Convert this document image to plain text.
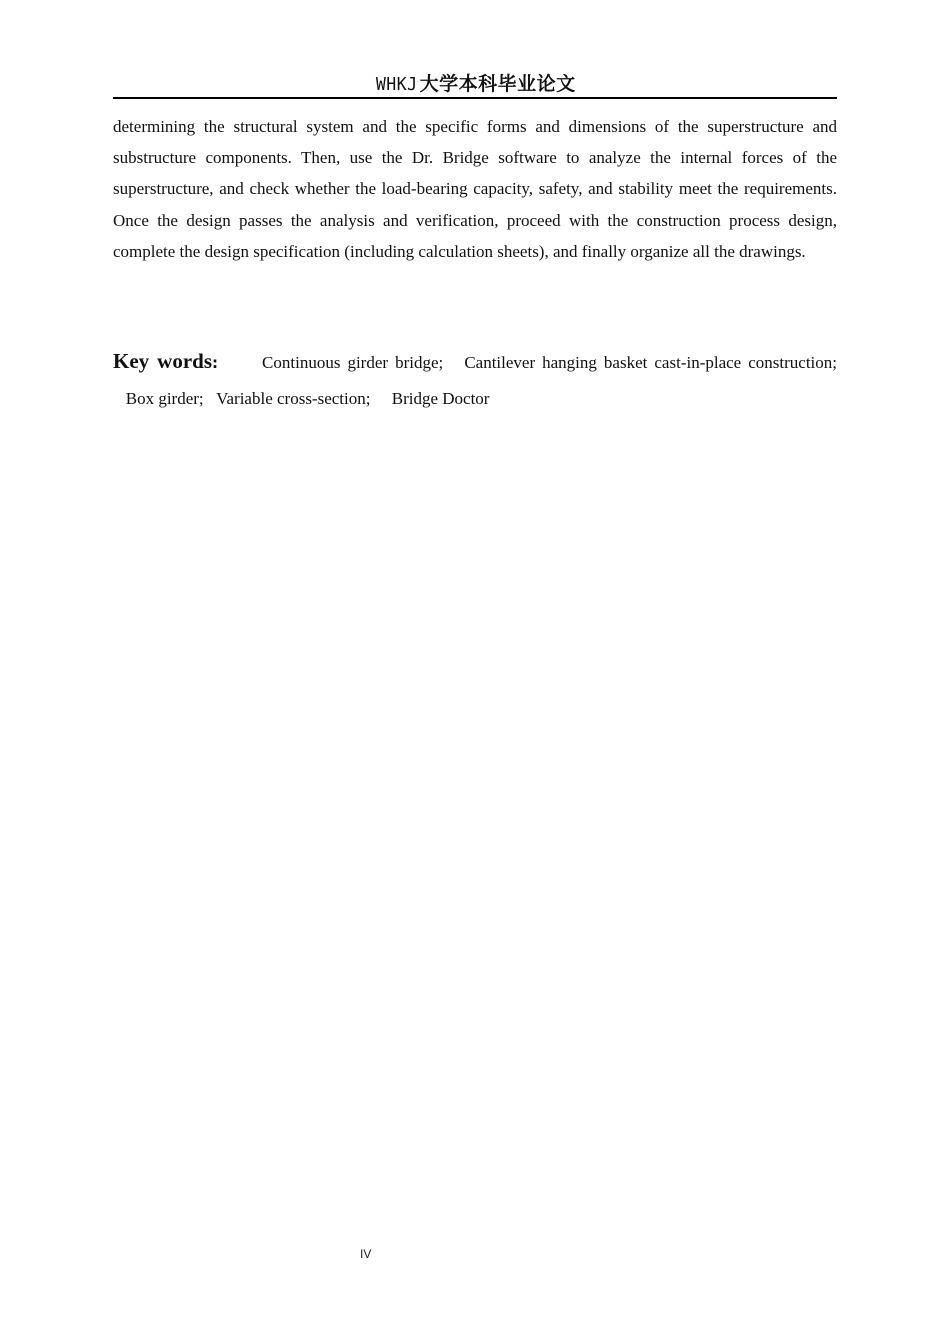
WHKJ大学本科毕业论文

determining the structural system and the specific forms and dimensions of the superstructure and substructure components. Then, use the Dr. Bridge software to analyze the internal forces of the superstructure, and check whether the load-bearing capacity, safety, and stability meet the requirements. Once the design passes the analysis and verification, proceed with the construction process design, complete the design specification (including calculation sheets), and finally organize all the drawings.

Key words:	Continuous girder bridge; Cantilever hanging basket cast-in-place construction;   Box girder; Variable cross-section; Bridge Doctor

IV
